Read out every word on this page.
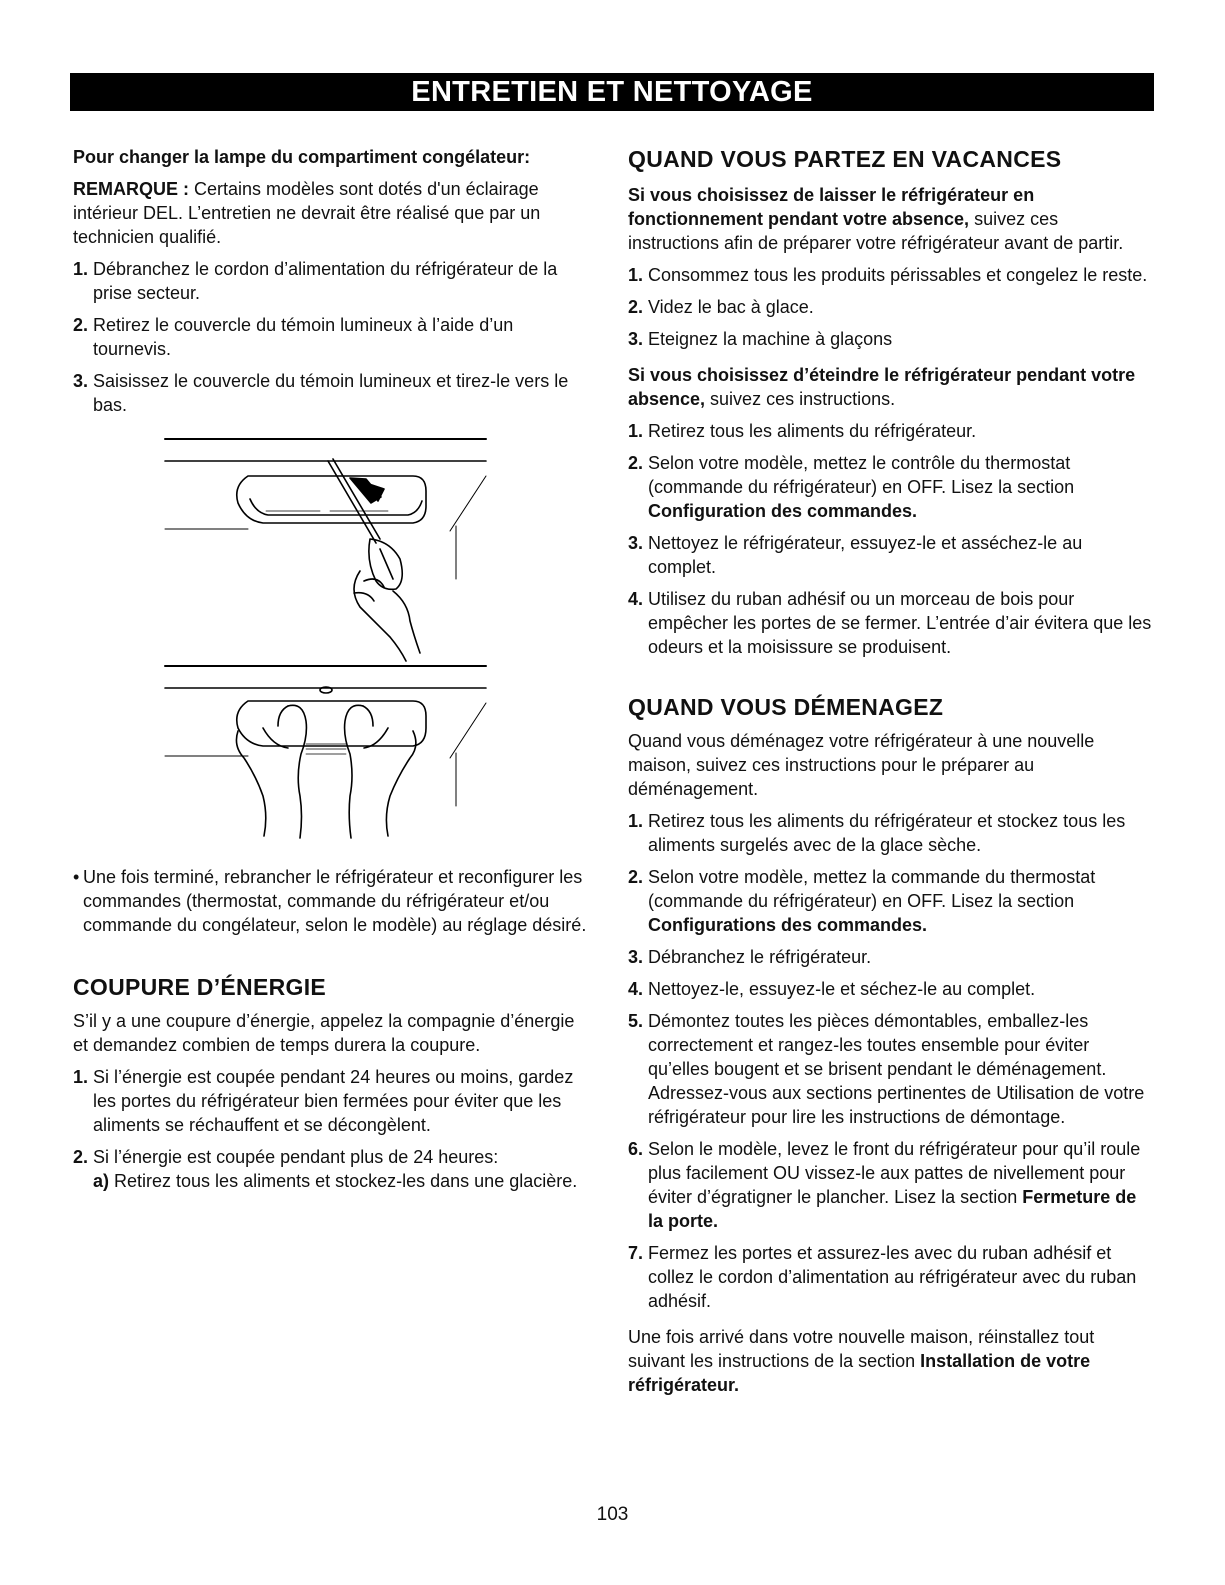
ENTRETIEN ET NETTOYAGE

Pour changer la lampe du compartiment congélateur:

REMARQUE : Certains modèles sont dotés d'un éclairage intérieur DEL. L’entretien ne devrait être réalisé que par un technicien qualifié.

1. Débranchez le cordon d’alimentation du réfrigérateur de la prise secteur.
2. Retirez le couvercle du témoin lumineux à l’aide d’un tournevis.
3. Saisissez le couvercle du témoin lumineux et tirez-le vers le bas.

• Une fois terminé, rebrancher le réfrigérateur et reconfigurer les commandes (thermostat, commande du réfrigérateur et/ou commande du congélateur, selon le modèle) au réglage désiré.

COUPURE D’ÉNERGIE

S’il y a une coupure d’énergie, appelez la compagnie d’énergie et demandez combien de temps durera la coupure.

1. Si l’énergie est coupée pendant 24 heures ou moins, gardez les portes du réfrigérateur bien fermées pour éviter que les aliments se réchauffent et se décongèlent.
2. Si l’énergie est coupée pendant plus de 24 heures:
a) Retirez tous les aliments et stockez-les dans une glacière.
QUAND VOUS PARTEZ EN VACANCES

Si vous choisissez de laisser le réfrigérateur en fonctionnement pendant votre absence, suivez ces instructions afin de préparer votre réfrigérateur avant de partir.

1. Consommez tous les produits périssables et congelez le reste.
2. Videz le bac à glace.
3. Eteignez la machine à glaçons

Si vous choisissez d’éteindre le réfrigérateur pendant votre absence, suivez ces instructions.

1. Retirez tous les aliments du réfrigérateur.
2. Selon votre modèle, mettez le contrôle du thermostat (commande du réfrigérateur) en OFF. Lisez la section Configuration des commandes.
3. Nettoyez le réfrigérateur, essuyez-le et asséchez-le au complet.
4. Utilisez du ruban adhésif ou un morceau de bois pour empêcher les portes de se fermer. L’entrée d’air évitera que les odeurs et la moisissure se produisent.
QUAND VOUS DÉMENAGEZ

Quand vous déménagez votre réfrigérateur à une nouvelle maison, suivez ces instructions pour le préparer au déménagement.

1. Retirez tous les aliments du réfrigérateur et stockez tous les aliments surgelés avec de la glace sèche.
2. Selon votre modèle, mettez la commande du thermostat (commande du réfrigérateur) en OFF. Lisez la section Configurations des commandes.
3. Débranchez le réfrigérateur.
4. Nettoyez-le, essuyez-le et séchez-le au complet.
5. Démontez toutes les pièces démontables, emballez-les correctement et rangez-les toutes ensemble pour éviter qu’elles bougent et se brisent pendant le déménagement. Adressez-vous aux sections pertinentes de Utilisation de votre réfrigérateur pour lire les instructions de démontage.
6. Selon le modèle, levez le front du réfrigérateur pour qu’il roule plus facilement OU vissez-le aux pattes de nivellement pour éviter d’égratigner le plancher. Lisez la section Fermeture de la porte.
7. Fermez les portes et assurez-les avec du ruban adhésif et collez le cordon d’alimentation au réfrigérateur avec du ruban adhésif.

Une fois arrivé dans votre nouvelle maison, réinstallez tout suivant les instructions de la section Installation de votre réfrigérateur.

103
